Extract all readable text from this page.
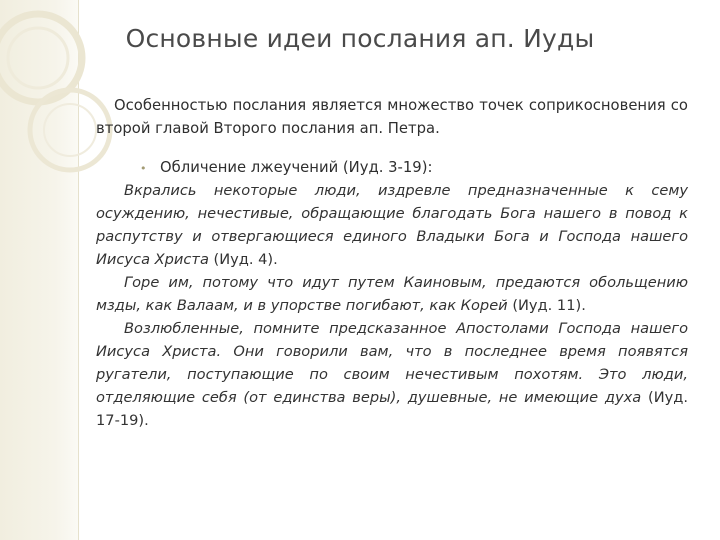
Основные идеи послания ап. Иуды

Особенностью послания является множество точек соприкосновения со второй главой Второго послания ап. Петра.

• Обличение лжеучений (Иуд. 3-19):

Вкрались некоторые люди, издревле предназначенные к сему осуждению, нечестивые, обращающие благодать Бога нашего в повод к распутству и отвергающиеся единого Владыки Бога и Господа нашего Иисуса Христа (Иуд. 4).

Горе им, потому что идут путем Каиновым, предаются обольщению мзды, как Валаам, и в упорстве погибают, как Корей (Иуд. 11).

Возлюбленные, помните предсказанное Апостолами Господа нашего Иисуса Христа. Они говорили вам, что в последнее время появятся ругатели, поступающие по своим нечестивым похотям. Это люди, отделяющие себя (от единства веры), душевные, не имеющие духа (Иуд. 17-19).
